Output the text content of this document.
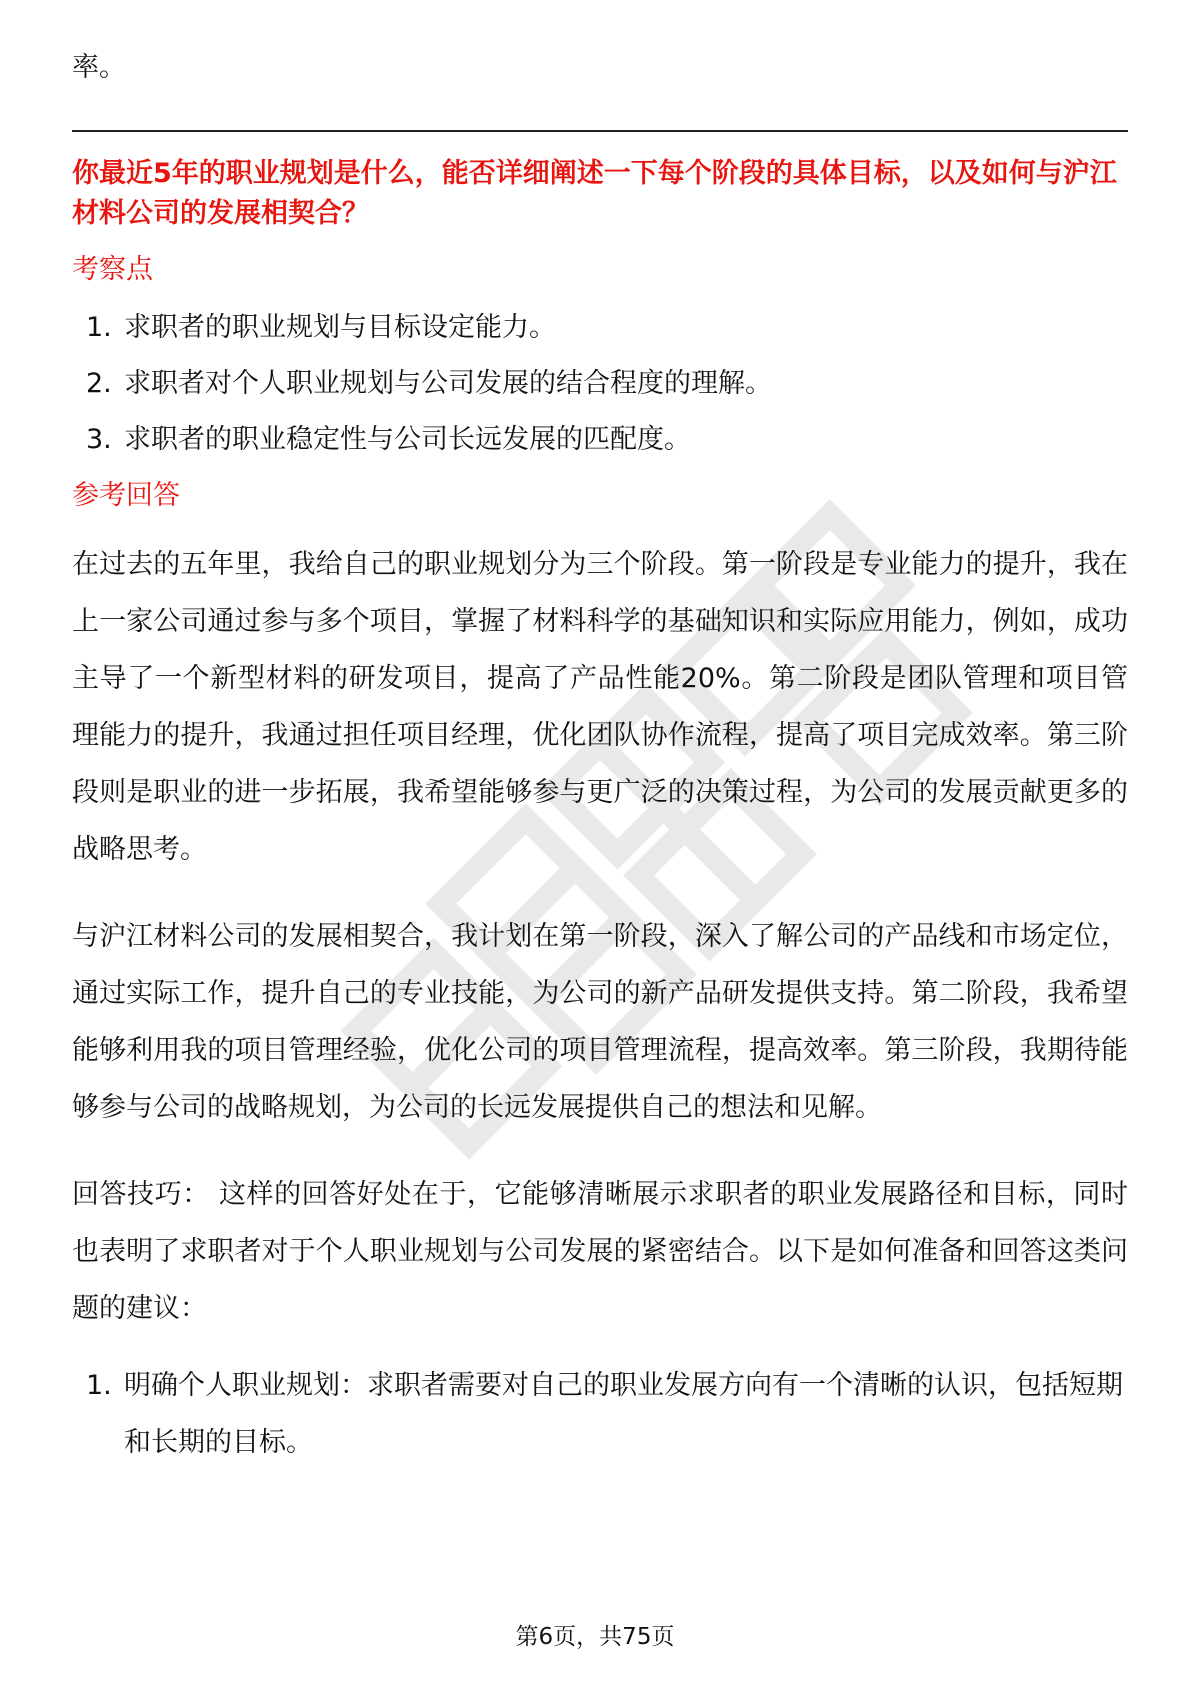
率。

你最近5年的职业规划是什么，能否详细阐述一下每个阶段的具体目标，以及如何与沪江材料公司的发展相契合？

考察点

1. 求职者的职业规划与目标设定能力。
2. 求职者对个人职业规划与公司发展的结合程度的理解。
3. 求职者的职业稳定性与公司长远发展的匹配度。

参考回答

在过去的五年里，我给自己的职业规划分为三个阶段。第一阶段是专业能力的提升，我在上一家公司通过参与多个项目，掌握了材料科学的基础知识和实际应用能力，例如，成功主导了一个新型材料的研发项目，提高了产品性能20%。第二阶段是团队管理和项目管理能力的提升，我通过担任项目经理，优化团队协作流程，提高了项目完成效率。第三阶段则是职业的进一步拓展，我希望能够参与更广泛的决策过程，为公司的发展贡献更多的战略思考。

与沪江材料公司的发展相契合，我计划在第一阶段，深入了解公司的产品线和市场定位，通过实际工作，提升自己的专业技能，为公司的新产品研发提供支持。第二阶段，我希望能够利用我的项目管理经验，优化公司的项目管理流程，提高效率。第三阶段，我期待能够参与公司的战略规划，为公司的长远发展提供自己的想法和见解。

回答技巧： 这样的回答好处在于，它能够清晰展示求职者的职业发展路径和目标，同时也表明了求职者对于个人职业规划与公司发展的紧密结合。以下是如何准备和回答这类问题的建议：

1. 明确个人职业规划：求职者需要对自己的职业发展方向有一个清晰的认识，包括短期和长期的目标。
第6页，共75页
